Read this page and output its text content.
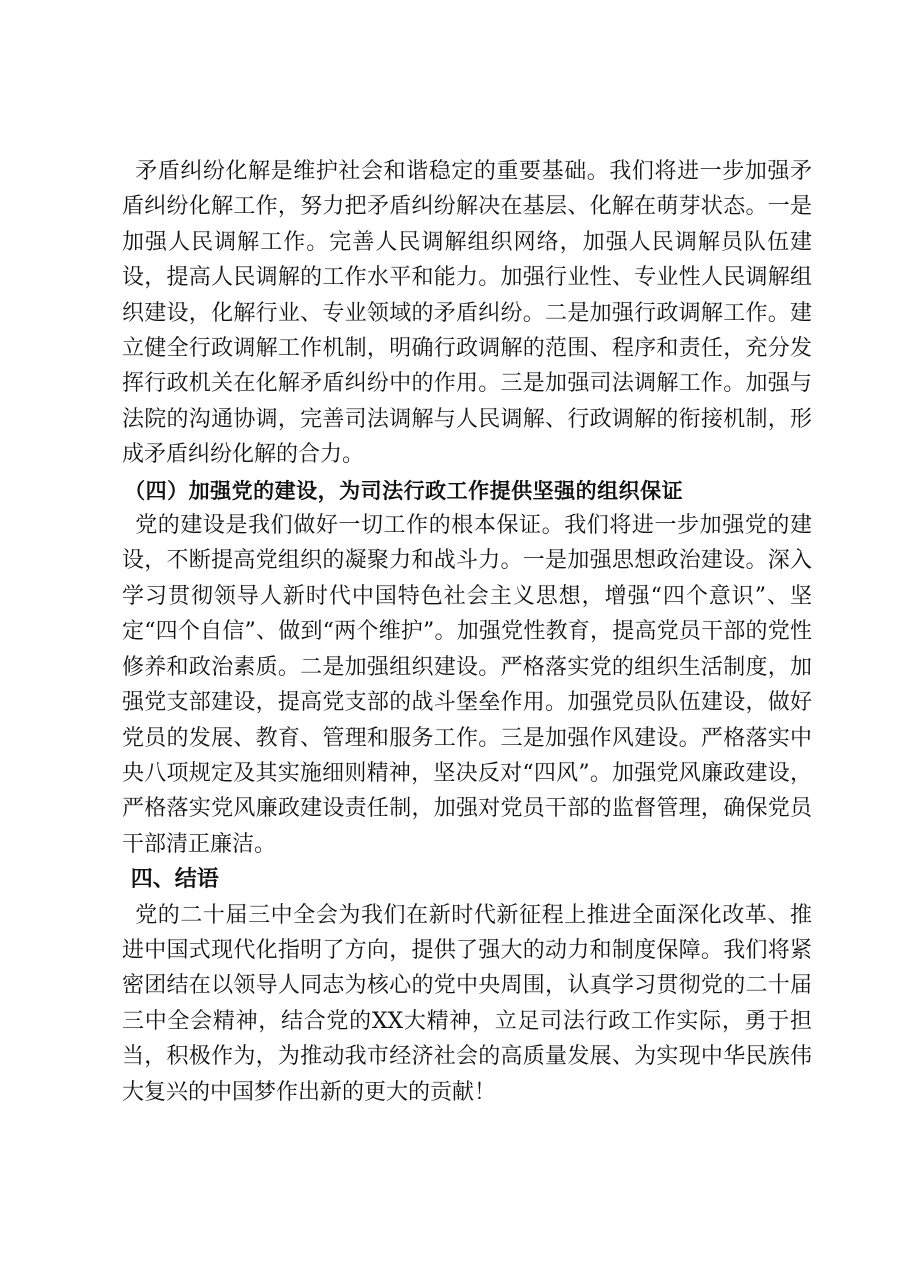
矛盾纠纷化解是维护社会和谐稳定的重要基础。我们将进一步加强矛盾纠纷化解工作，努力把矛盾纠纷解决在基层、化解在萌芽状态。一是加强人民调解工作。完善人民调解组织网络，加强人民调解员队伍建设，提高人民调解的工作水平和能力。加强行业性、专业性人民调解组织建设，化解行业、专业领域的矛盾纠纷。二是加强行政调解工作。建立健全行政调解工作机制，明确行政调解的范围、程序和责任，充分发挥行政机关在化解矛盾纠纷中的作用。三是加强司法调解工作。加强与法院的沟通协调，完善司法调解与人民调解、行政调解的衔接机制，形成矛盾纠纷化解的合力。

（四）加强党的建设，为司法行政工作提供坚强的组织保证

党的建设是我们做好一切工作的根本保证。我们将进一步加强党的建设，不断提高党组织的凝聚力和战斗力。一是加强思想政治建设。深入学习贯彻领导人新时代中国特色社会主义思想，增强“四个意识”、坚定“四个自信”、做到“两个维护”。加强党性教育，提高党员干部的党性修养和政治素质。二是加强组织建设。严格落实党的组织生活制度，加强党支部建设，提高党支部的战斗堡垒作用。加强党员队伍建设，做好党员的发展、教育、管理和服务工作。三是加强作风建设。严格落实中央八项规定及其实施细则精神，坚决反对“四风”。加强党风廉政建设，严格落实党风廉政建设责任制，加强对党员干部的监督管理，确保党员干部清正廉洁。

四、结语

党的二十届三中全会为我们在新时代新征程上推进全面深化改革、推进中国式现代化指明了方向，提供了强大的动力和制度保障。我们将紧密团结在以领导人同志为核心的党中央周围，认真学习贯彻党的二十届三中全会精神，结合党的XX大精神，立足司法行政工作实际，勇于担当，积极作为，为推动我市经济社会的高质量发展、为实现中华民族伟大复兴的中国梦作出新的更大的贡献！
